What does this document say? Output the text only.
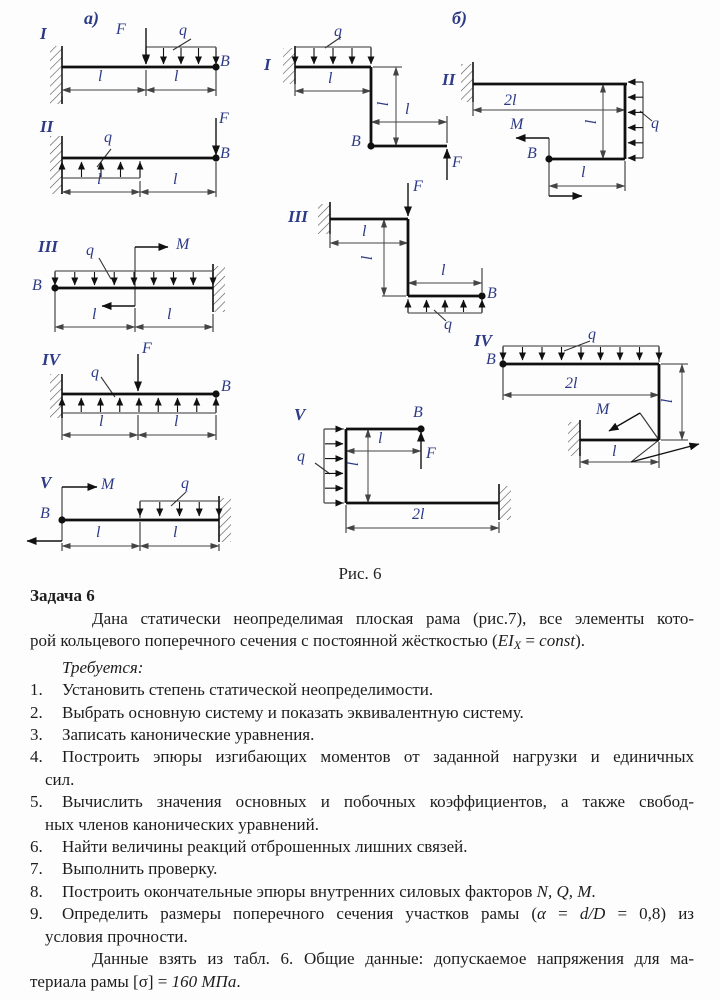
а)	б)
I
II
III
IV
V
I
II
III
IV
V
F	q
B
l	l
q
F
B
l	l
q	M
B
l	l
q
F
B
l	l
M	q
B
l	l
q
B
F
l
l l
M	q
B
2l
l
l
F
q
B
l
l
l
q
M
B
2l
l
l
B
F
q
l
l
2l
Рис. 6
Задача 6
Дана статически неопределимая плоская рама (рис.7), все элементы кото-
рой кольцевого поперечного сечения с постоянной жёсткостью ($EI_X$ = const).
Требуется:
1. Установить степень статической неопределимости.
2. Выбрать основную систему и показать эквивалентную систему.
3. Записать канонические уравнения.
4. Построить эпюры изгибающих моментов от заданной нагрузки и единичных
сил.
5. Вычислить значения основных и побочных коэффициентов, а также свобод-
ных членов канонических уравнений.
6. Найти величины реакций отброшенных лишних связей.
7. Выполнить проверку.
8. Построить окончательные эпюры внутренних силовых факторов N, Q, M.
9. Определить размеры поперечного сечения участков рамы (α = d/D = 0,8) из
условия прочности.
Данные взять из табл. 6. Общие данные: допускаемое напряжения для ма-
териала рамы [σ] = 160 МПа.
